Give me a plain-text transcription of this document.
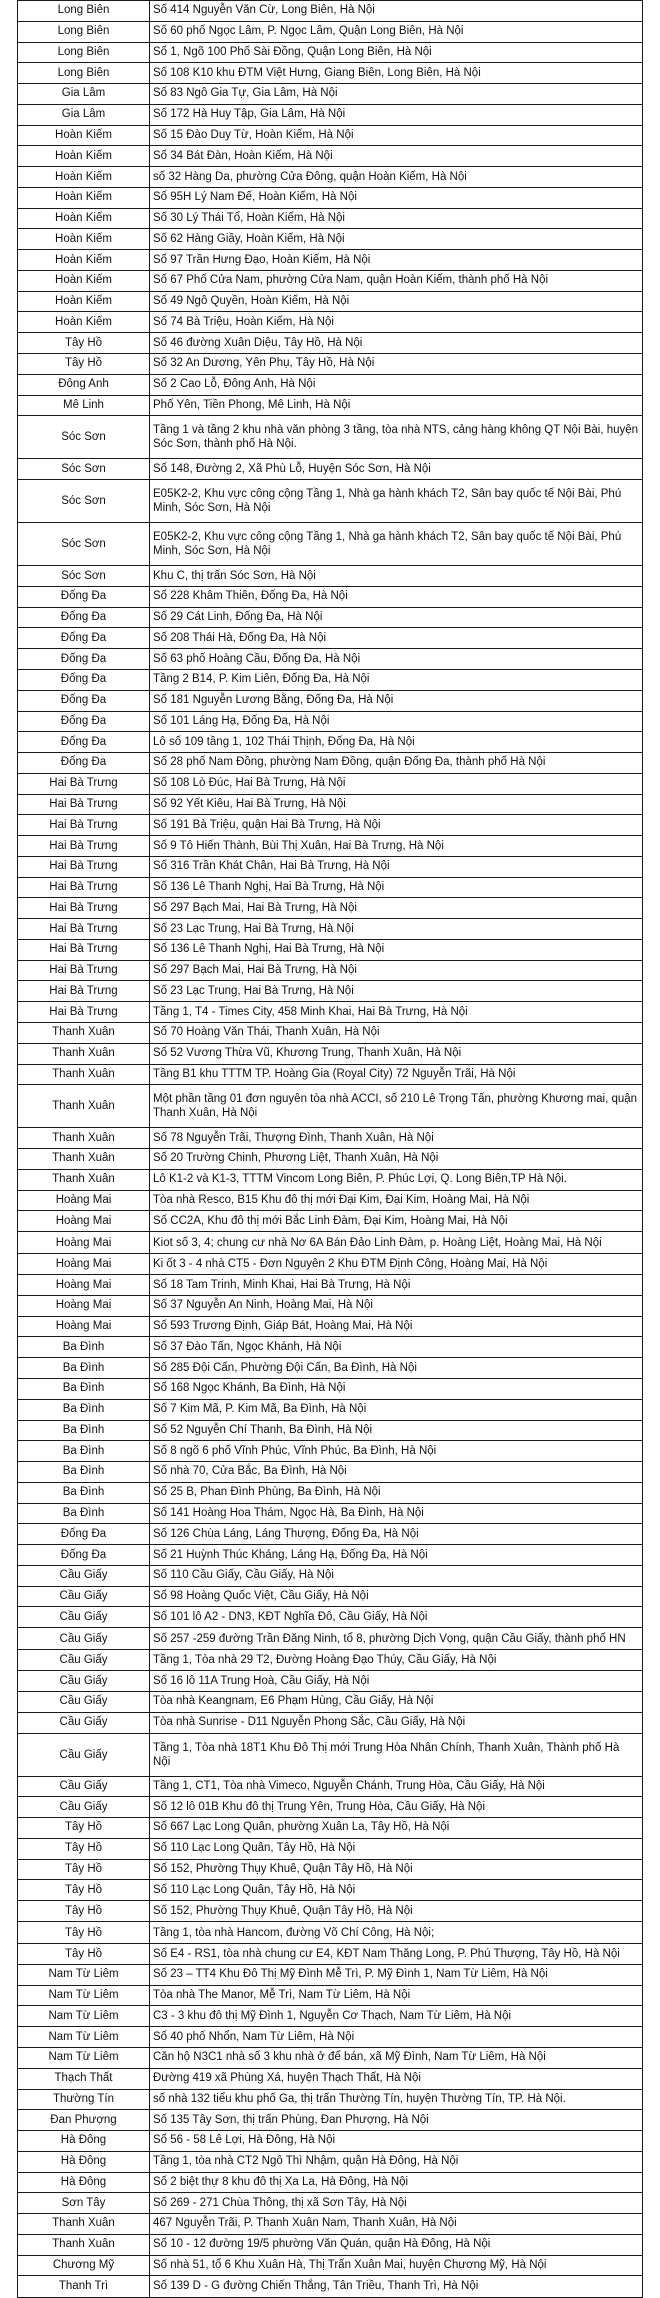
Long Biên	Số 414 Nguyễn Văn Cừ, Long Biên, Hà Nội
Long Biên	Số 60 phố Ngọc Lâm, P. Ngọc Lâm, Quận Long Biên, Hà Nội
Long Biên	Số 1, Ngõ 100 Phố Sài Đồng, Quận Long Biên, Hà Nội
Long Biên	Số 108 K10 khu ĐTM Việt Hưng, Giang Biên, Long Biên, Hà Nội
Gia Lâm	Số 83 Ngô Gia Tự, Gia Lâm, Hà Nội
Gia Lâm	Số 172 Hà Huy Tập, Gia Lâm, Hà Nội
Hoàn Kiếm	Số 15 Đào Duy Từ, Hoàn Kiếm, Hà Nội
Hoàn Kiếm	Số 34 Bát Đàn, Hoàn Kiếm, Hà Nội
Hoàn Kiếm	số 32 Hàng Da, phường Cửa Đông, quận Hoàn Kiếm, Hà Nội
Hoàn Kiếm	Số 95H Lý Nam Đế, Hoàn Kiếm, Hà Nội
Hoàn Kiếm	Số 30 Lý Thái Tổ, Hoàn Kiếm, Hà Nội
Hoàn Kiếm	Số 62 Hàng Giầy, Hoàn Kiếm, Hà Nội
Hoàn Kiếm	Số 97 Trần Hưng Đạo, Hoàn Kiếm, Hà Nội
Hoàn Kiếm	Số 67 Phố Cửa Nam, phường Cửa Nam, quận Hoàn Kiếm, thành phố Hà Nội
Hoàn Kiếm	Số 49 Ngô Quyền, Hoàn Kiếm, Hà Nội
Hoàn Kiếm	Số 74 Bà Triệu, Hoàn Kiếm, Hà Nội
Tây Hồ	Số 46 đường Xuân Diệu, Tây Hồ, Hà Nội
Tây Hồ	Số 32 An Dương, Yên Phụ, Tây Hồ, Hà Nội
Đông Anh	Số 2 Cao Lỗ, Đông Anh, Hà Nội
Mê Linh	Phố Yên, Tiền Phong, Mê Linh, Hà Nội
Sóc Sơn	Tầng 1 và tầng 2 khu nhà văn phòng 3 tầng, tòa nhà NTS, cảng hàng không QT Nội Bài, huyện Sóc Sơn, thành phố Hà Nội.
Sóc Sơn	Số 148, Đường 2, Xã Phù Lỗ, Huyện Sóc Sơn, Hà Nội
Sóc Sơn	E05K2-2, Khu vực công cộng Tầng 1, Nhà ga hành khách T2, Sân bay quốc tế Nội Bài, Phú Minh, Sóc Sơn, Hà Nội
Sóc Sơn	E05K2-2, Khu vực công cộng Tầng 1, Nhà ga hành khách T2, Sân bay quốc tế Nội Bài, Phú Minh, Sóc Sơn, Hà Nội
Sóc Sơn	Khu C, thị trấn Sóc Sơn, Hà Nội
Đống Đa	Số 228 Khâm Thiên, Đống Đa, Hà Nội
Đống Đa	Số 29 Cát Linh, Đống Đa, Hà Nội
Đống Đa	Số 208 Thái Hà, Đống Đa, Hà Nội
Đống Đa	Số 63 phố Hoàng Cầu, Đống Đa, Hà Nội
Đống Đa	Tầng 2 B14, P. Kim Liên, Đống Đa, Hà Nội
Đống Đa	Số 181 Nguyễn Lương Bằng, Đống Đa, Hà Nội
Đống Đa	Số 101 Láng Hạ, Đống Đa, Hà Nội
Đống Đa	Lô số 109 tầng 1, 102 Thái Thịnh, Đống Đa, Hà Nội
Đống Đa	Số 28 phố Nam Đồng, phường Nam Đồng, quận Đống Đa, thành phố Hà Nội
Hai Bà Trưng	Số 108 Lò Đúc, Hai Bà Trưng, Hà Nội
Hai Bà Trưng	Số 92 Yết Kiêu, Hai Bà Trưng, Hà Nội
Hai Bà Trưng	Số 191 Bà Triệu, quận Hai Bà Trưng, Hà Nội
Hai Bà Trưng	Số 9 Tô Hiến Thành, Bùi Thị Xuân, Hai Bà Trưng, Hà Nội
Hai Bà Trưng	Số 316 Trần Khát Chân, Hai Bà Trưng, Hà Nội
Hai Bà Trưng	Số 136 Lê Thanh Nghị, Hai Bà Trưng, Hà Nội
Hai Bà Trưng	Số 297 Bạch Mai, Hai Bà Trưng, Hà Nội
Hai Bà Trưng	Số 23 Lạc Trung, Hai Bà Trưng, Hà Nội
Hai Bà Trưng	Số 136 Lê Thanh Nghị, Hai Bà Trưng, Hà Nội
Hai Bà Trưng	Số 297 Bạch Mai, Hai Bà Trưng, Hà Nội
Hai Bà Trưng	Số 23 Lạc Trung, Hai Bà Trưng, Hà Nội
Hai Bà Trưng	Tầng 1, T4 - Times City, 458 Minh Khai, Hai Bà Trưng, Hà Nội
Thanh Xuân	Số 70 Hoàng Văn Thái, Thanh Xuân, Hà Nội
Thanh Xuân	Số 52 Vương Thừa Vũ, Khương Trung, Thanh Xuân, Hà Nội
Thanh Xuân	Tầng B1 khu TTTM TP. Hoàng Gia (Royal City) 72 Nguyễn Trãi, Hà Nội
Thanh Xuân	Một phần tầng 01 đơn nguyên tòa nhà ACCI, số 210 Lê Trọng Tấn, phường Khương mai, quận Thanh Xuân, Hà Nội
Thanh Xuân	Số 78 Nguyễn Trãi, Thượng Đình, Thanh Xuân, Hà Nội
Thanh Xuân	Số 20 Trường Chinh, Phương Liệt, Thanh Xuân, Hà Nội
Thanh Xuân	Lô K1-2 và K1-3, TTTM Vincom Long Biên, P. Phúc Lợi, Q. Long Biên,TP Hà Nội.
Hoàng Mai	Tòa nhà Resco, B15 Khu đô thị mới Đại Kim, Đại Kim, Hoàng Mai, Hà Nội
Hoàng Mai	Số CC2A, Khu đô thị mới Bắc Linh Đàm, Đại Kim, Hoàng Mai, Hà Nội
Hoàng Mai	Kiot số 3, 4; chung cư nhà Nơ 6A Bán Đảo Linh Đàm, p. Hoàng Liệt, Hoàng Mai, Hà Nội
Hoàng Mai	Ki ốt 3 - 4 nhà CT5 - Đơn Nguyên 2 Khu ĐTM Định Công, Hoàng Mai, Hà Nội
Hoàng Mai	Số 18 Tam Trinh, Minh Khai, Hai Bà Trưng, Hà Nội
Hoàng Mai	Số 37 Nguyễn An Ninh, Hoàng Mai, Hà Nội
Hoàng Mai	Số 593 Trương Định, Giáp Bát, Hoàng Mai, Hà Nội
Ba Đình	Số 37 Đào Tấn, Ngọc Khánh, Hà Nội
Ba Đình	Số 285 Đội Cấn, Phường Đội Cấn, Ba Đình, Hà Nội
Ba Đình	Số 168 Ngọc Khánh, Ba Đình, Hà Nội
Ba Đình	Số 7 Kim Mã, P. Kim Mã, Ba Đình, Hà Nội
Ba Đình	Số 52 Nguyễn Chí Thanh, Ba Đình, Hà Nội
Ba Đình	Số 8 ngõ 6 phố Vĩnh Phúc, Vĩnh Phúc, Ba Đình, Hà Nội
Ba Đình	Số nhà 70, Cửa Bắc, Ba Đình, Hà Nội
Ba Đình	Số 25 B, Phan Đình Phùng, Ba Đình, Hà Nội
Ba Đình	Số 141 Hoàng Hoa Thám, Ngọc Hà, Ba Đình, Hà Nội
Đống Đa	Số 126 Chùa Láng, Láng Thượng, Đống Đa, Hà Nội
Đống Đa	Số 21 Huỳnh Thúc Kháng, Láng Hạ, Đống Đa, Hà Nội
Cầu Giấy	Số 110 Cầu Giấy, Cầu Giấy, Hà Nội
Cầu Giấy	Số 98 Hoàng Quốc Việt, Cầu Giấy, Hà Nội
Cầu Giấy	Số 101 lô A2 - DN3, KĐT Nghĩa Đô, Cầu Giấy, Hà Nội
Cầu Giấy	Số 257 -259 đường Trần Đăng Ninh, tổ 8, phường Dịch Vọng, quận Cầu Giấy, thành phố HN
Cầu Giấy	Tầng 1, Tòa nhà 29 T2, Đường Hoàng Đạo Thúy, Cầu Giấy, Hà Nội
Cầu Giấy	Số 16 lô 11A Trung Hoà, Cầu Giấy, Hà Nội
Cầu Giấy	Tòa nhà Keangnam, E6 Phạm Hùng, Cầu Giấy, Hà Nội
Cầu Giấy	Tòa nhà Sunrise - D11 Nguyễn Phong Sắc, Cầu Giấy, Hà Nội
Cầu Giấy	Tầng 1, Tòa nhà 18T1 Khu Đô Thị mới Trung Hòa Nhân Chính, Thanh Xuân, Thành phố Hà Nội
Cầu Giấy	Tầng 1, CT1, Tòa nhà Vimeco, Nguyễn Chánh, Trung Hòa, Cầu Giấy, Hà Nội
Cầu Giấy	Số 12 lô 01B Khu đô thị Trung Yên, Trung Hòa, Cầu Giấy, Hà Nội
Tây Hồ	Số 667 Lạc Long Quân, phường Xuân La, Tây Hồ, Hà Nội
Tây Hồ	Số 110 Lạc Long Quân, Tây Hồ, Hà Nội
Tây Hồ	Số 152, Phường Thụy Khuê, Quận Tây Hồ, Hà Nội
Tây Hồ	Số 110 Lạc Long Quân, Tây Hồ, Hà Nội
Tây Hồ	Số 152, Phường Thụy Khuê, Quận Tây Hồ, Hà Nội
Tây Hồ	Tầng 1, tòa nhà Hancom, đường Võ Chí Công, Hà Nội;
Tây Hồ	Số E4 - RS1, tòa nhà chung cư E4, KĐT Nam Thăng Long, P. Phú Thượng, Tây Hồ, Hà Nội
Nam Từ Liêm	Số 23 – TT4 Khu Đô Thị Mỹ Đình Mễ Trì, P. Mỹ Đình 1, Nam Từ Liêm, Hà Nội
Nam Từ Liêm	Tòa nhà The Manor, Mễ Trì, Nam Từ Liêm, Hà Nội
Nam Từ Liêm	C3 - 3 khu đô thị Mỹ Đình 1, Nguyễn Cơ Thạch, Nam Từ Liêm, Hà Nội
Nam Từ Liêm	Số 40 phố Nhổn, Nam Từ Liêm, Hà Nội
Nam Từ Liêm	Căn hộ N3C1 nhà số 3 khu nhà ở để bán, xã Mỹ Đình, Nam Từ Liêm, Hà Nội
Thạch Thất	Đường 419 xã Phùng Xá, huyện Thạch Thất, Hà Nội
Thường Tín	số nhà 132 tiểu khu phố Ga, thị trấn Thường Tín, huyện Thường Tín, TP. Hà Nội.
Đan Phượng	Số 135 Tây Sơn, thị trấn Phùng, Đan Phượng, Hà Nội
Hà Đông	Số 56 - 58 Lê Lợi, Hà Đông, Hà Nội
Hà Đông	Tầng 1, tòa nhà CT2 Ngô Thì Nhậm, quận Hà Đông, Hà Nội
Hà Đông	Số 2 biệt thự 8 khu đô thị Xa La, Hà Đông, Hà Nội
Sơn Tây	Số 269 - 271 Chùa Thông, thị xã Sơn Tây, Hà Nội
Thanh Xuân	467 Nguyễn Trãi, P. Thanh Xuân Nam, Thanh Xuân, Hà Nội
Thanh Xuân	Số 10 - 12 đường 19/5 phường Văn Quán, quận Hà Đông, Hà Nội
Chương Mỹ	Số nhà 51, tổ 6 Khu Xuân Hà, Thị Trấn Xuân Mai, huyện Chương Mỹ, Hà Nội
Thanh Trì	Số 139 D - G đường Chiến Thắng, Tân Triều, Thanh Trì, Hà Nội
